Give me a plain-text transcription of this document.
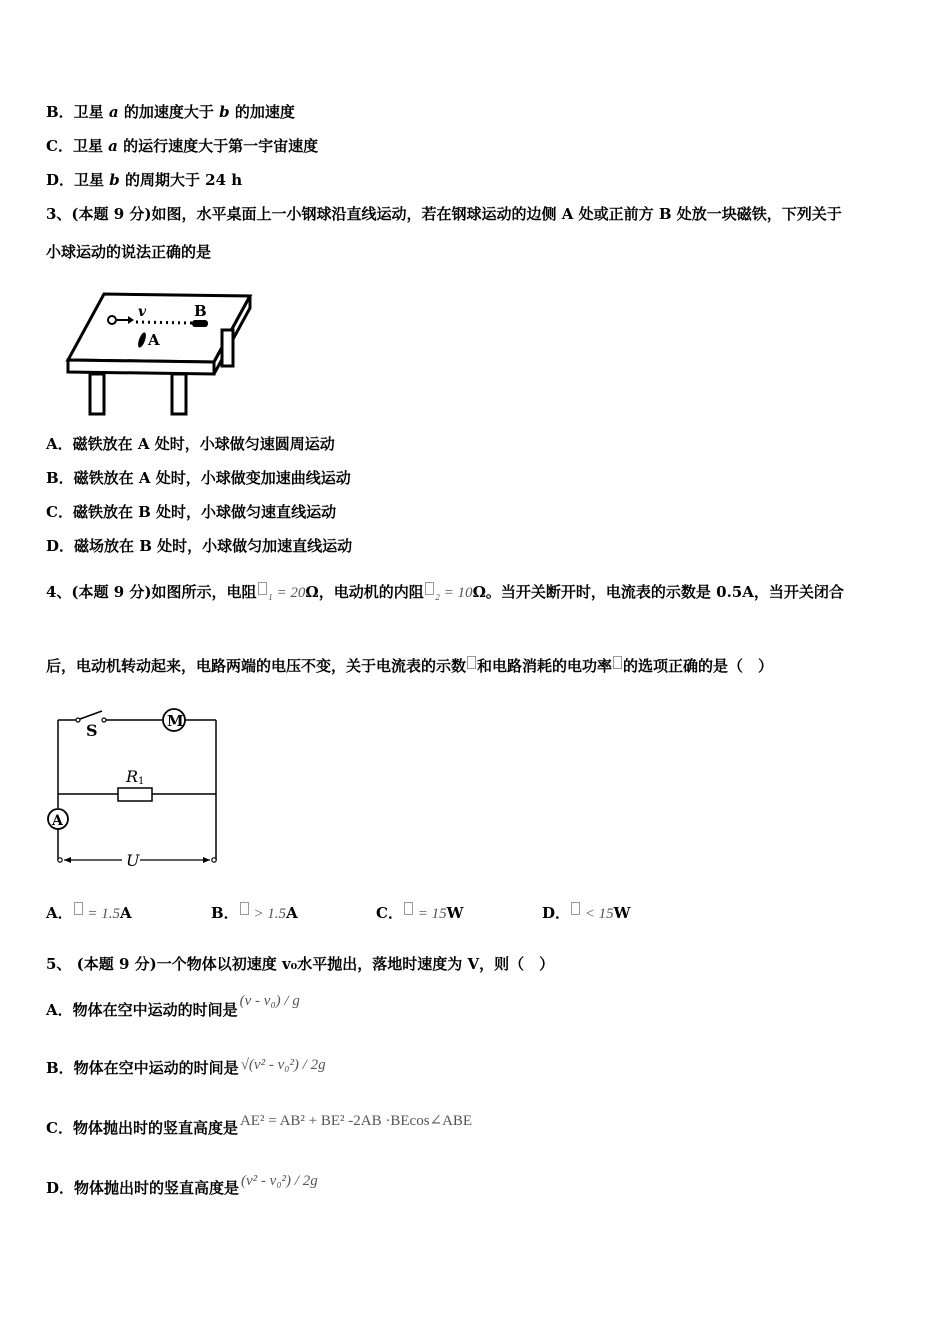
B．卫星 a 的加速度大于 b 的加速度
C．卫星 a 的运行速度大于第一宇宙速度
D．卫星 b 的周期大于 24 h
3、(本题 9 分)如图，水平桌面上一小钢球沿直线运动，若在钢球运动的边侧 A 处或正前方 B 处放一块磁铁，下列关于
小球运动的说法正确的是
v	B
A
A．磁铁放在 A 处时，小球做匀速圆周运动
B．磁铁放在 A 处时，小球做变加速曲线运动
C．磁铁放在 B 处时，小球做匀速直线运动
D．磁场放在 B 处时，小球做匀加速直线运动
4、(本题 9 分)如图所示，电阻 ₁ = 20Ω，电动机的内阻 ₂ = 10Ω。当开关断开时，电流表的示数是 0.5A，当开关闭合
后，电动机转动起来，电路两端的电压不变，关于电流表的示数 和电路消耗的电功率 的选项正确的是（　）
S	M
R 1
A
U
A． = 1.5A	B． > 1.5A	C． = 15W	D． < 15W
5、 (本题 9 分)一个物体以初速度 v₀水平抛出，落地时速度为 V，则（　）
A．物体在空中运动的时间是 (v - v₀) / g
B．物体在空中运动的时间是 √(v² - v₀²) / 2g
C．物体抛出时的竖直高度是 AE² = AB² + BE² -2AB ·BEcos∠ABE
D．物体抛出时的竖直高度是 (v² - v₀²) / 2g
